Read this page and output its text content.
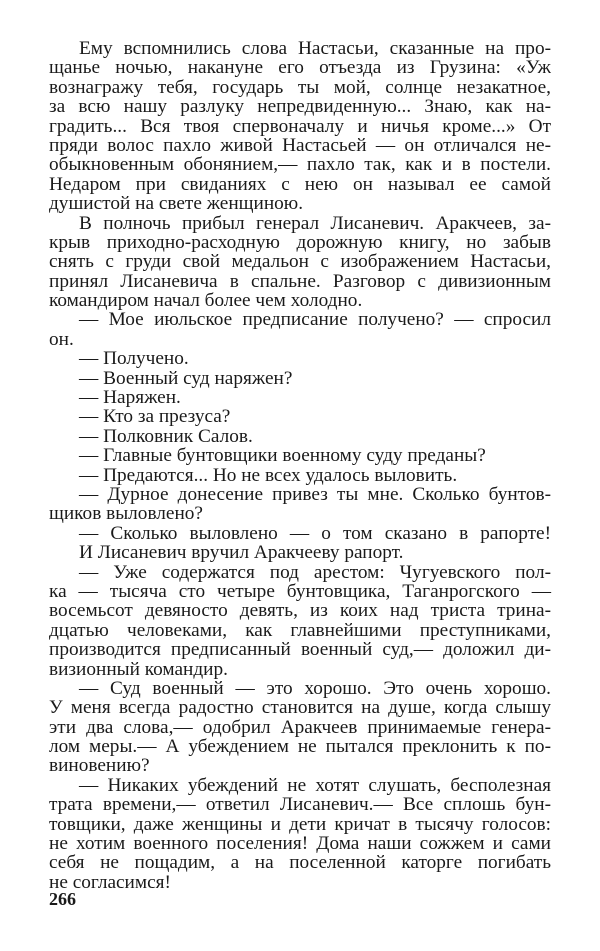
Ему вспомнились слова Настасьи, сказанные на про-
щанье ночью, накануне его отъезда из Грузина: «Уж
вознагражу тебя, государь ты мой, солнце незакатное,
за всю нашу разлуку непредвиденную... Знаю, как на-
градить... Вся твоя спервоначалу и ничья кроме...» От
пряди волос пахло живой Настасьей — он отличался не-
обыкновенным обонянием,— пахло так, как и в постели.
Недаром при свиданиях с нею он называл ее самой
душистой на свете женщиною.
В полночь прибыл генерал Лисаневич. Аракчеев, за-
крыв приходно-расходную дорожную книгу, но забыв
снять с груди свой медальон с изображением Настасьи,
принял Лисаневича в спальне. Разговор с дивизионным
командиром начал более чем холодно.
— Мое июльское предписание получено? — спросил
он.
— Получено.
— Военный суд наряжен?
— Наряжен.
— Кто за презуса?
— Полковник Салов.
— Главные бунтовщики военному суду преданы?
— Предаются... Но не всех удалось выловить.
— Дурное донесение привез ты мне. Сколько бунтов-
щиков выловлено?
— Сколько выловлено — о том сказано в рапорте!
И Лисаневич вручил Аракчееву рапорт.
— Уже содержатся под арестом: Чугуевского пол-
ка — тысяча сто четыре бунтовщика, Таганрогского —
восемьсот девяносто девять, из коих над триста трина-
дцатью человеками, как главнейшими преступниками,
производится предписанный военный суд,— доложил ди-
визионный командир.
— Суд военный — это хорошо. Это очень хорошо.
У меня всегда радостно становится на душе, когда слышу
эти два слова,— одобрил Аракчеев принимаемые генера-
лом меры.— А убеждением не пытался преклонить к по-
виновению?
— Никаких убеждений не хотят слушать, бесполезная
трата времени,— ответил Лисаневич.— Все сплошь бун-
товщики, даже женщины и дети кричат в тысячу голосов:
не хотим военного поселения! Дома наши сожжем и сами
себя не пощадим, а на поселенной каторге погибать
не согласимся!
266
